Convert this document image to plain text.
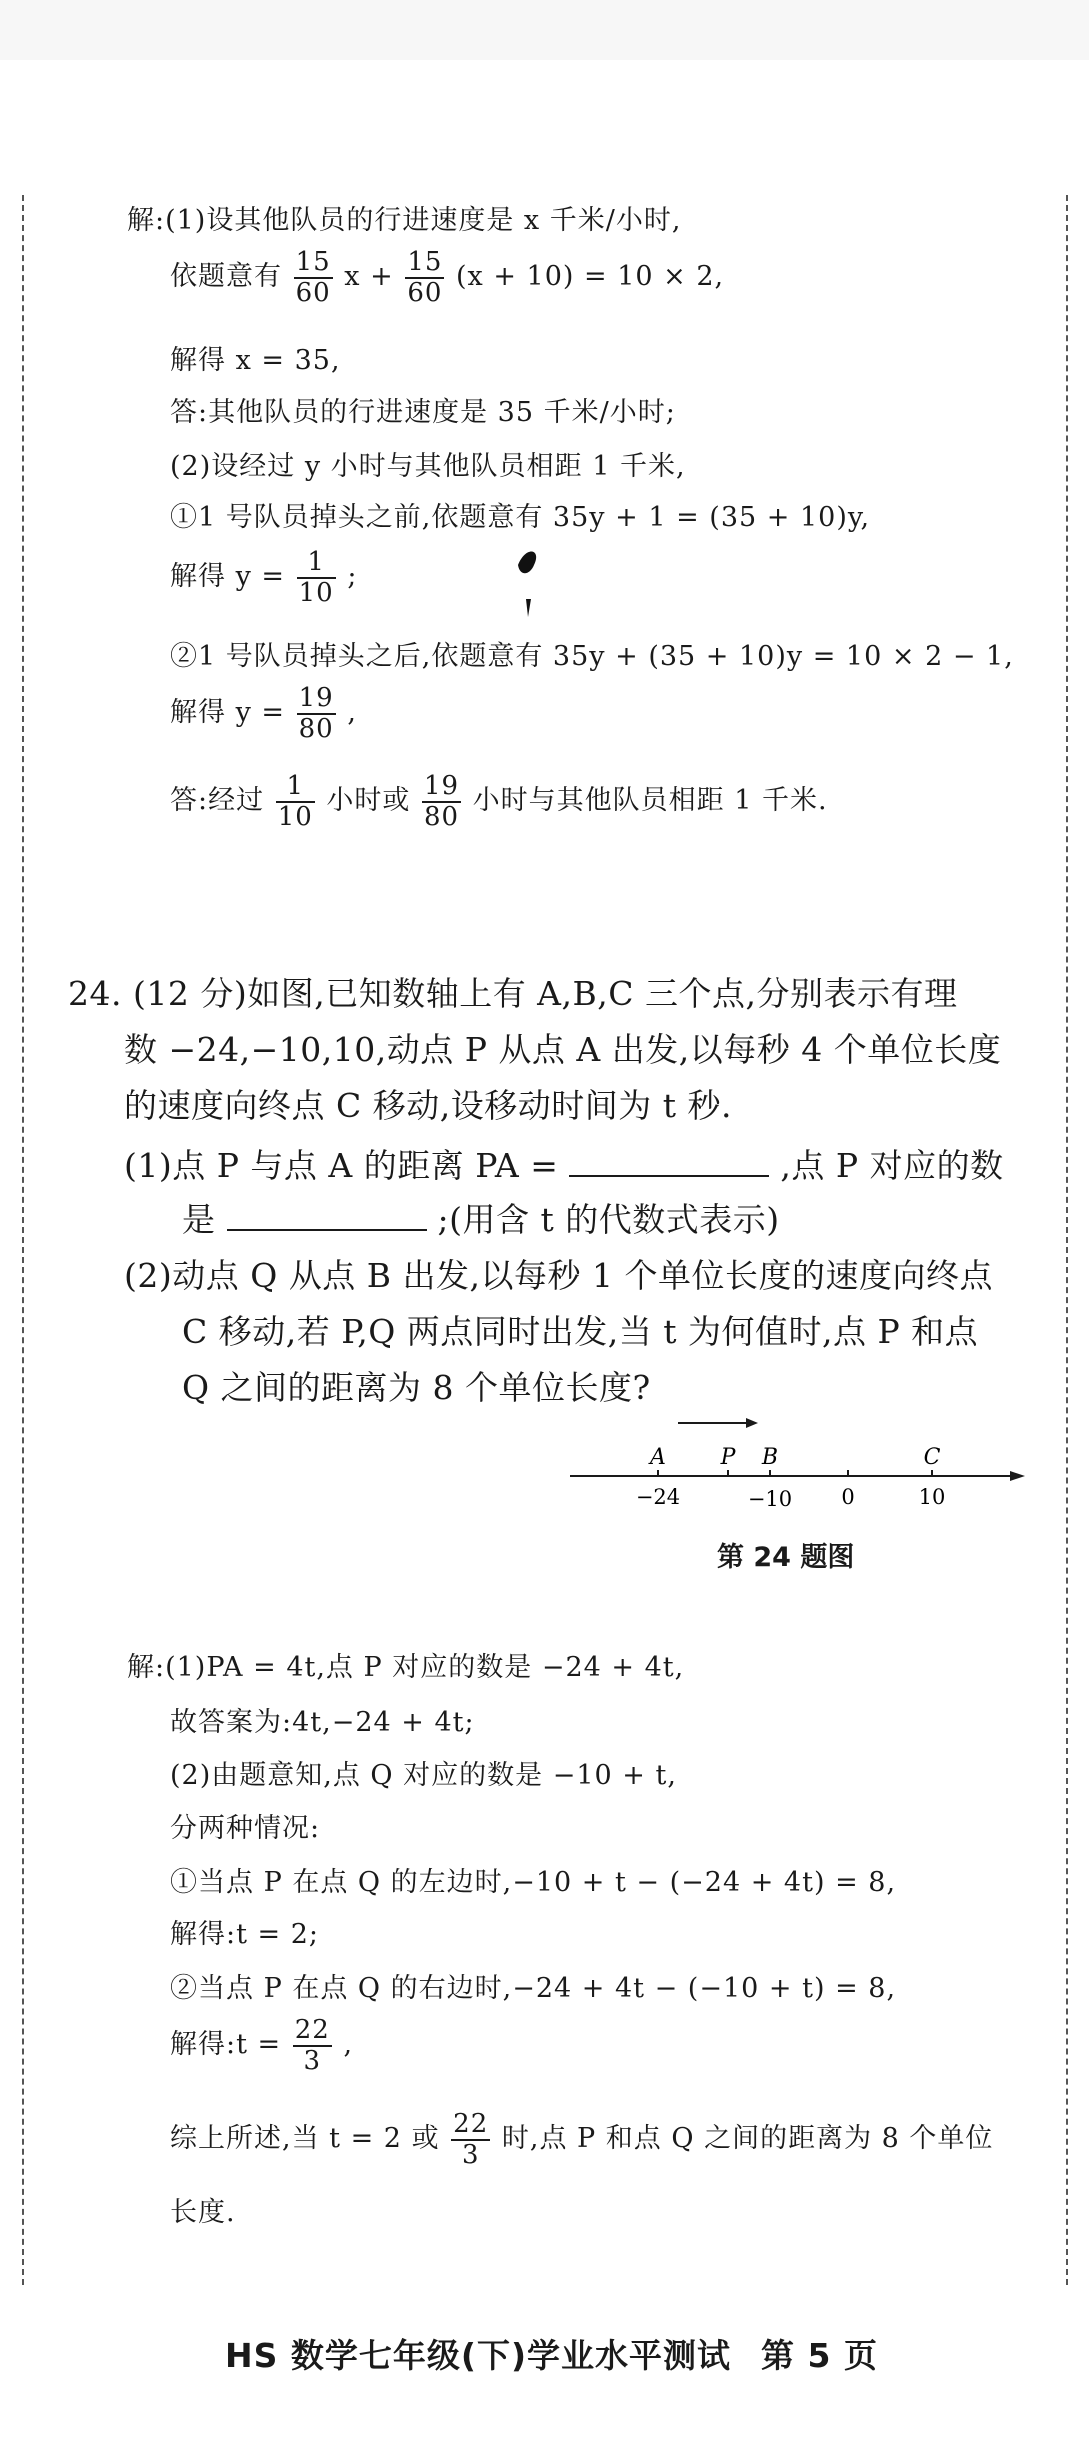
解:(1)设其他队员的行进速度是 x 千米/小时,
依题意有 $\frac{15}{60}$ $x + \frac{15}{60} (x + 10) = 10 \times 2$,
解得 x = 35,
答:其他队员的行进速度是 35 千米/小时;
(2)设经过 y 小时与其他队员相距 1 千米,
①1 号队员掉头之前,依题意有 35y + 1 = (35 + 10)y,
解得 $y = \frac{1}{10}$ ;
②1 号队员掉头之后,依题意有 35y + (35 + 10)y = 10 × 2 − 1,
解得 $y = \frac{19}{80}$ ,
答:经过 $\frac{1}{10}$ 小时或 $\frac{19}{80}$ 小时与其他队员相距 1 千米.
24. (12 分)如图,已知数轴上有 A,B,C 三个点,分别表示有理
数 −24,−10,10,动点 P 从点 A 出发,以每秒 4 个单位长度
的速度向终点 C 移动,设移动时间为 t 秒.
(1)点 P 与点 A 的距离 PA =	,点 P 对应的数
是	;(用含 t 的代数式表示)
(2)动点 Q 从点 B 出发,以每秒 1 个单位长度的速度向终点
C 移动,若 P,Q 两点同时出发,当 t 为何值时,点 P 和点
Q 之间的距离为 8 个单位长度?
A P B	C
−24	−10 0	10
第 24 题图
解:(1)PA = 4t,点 P 对应的数是 −24 + 4t,
故答案为:4t,−24 + 4t;
(2)由题意知,点 Q 对应的数是 −10 + t,
分两种情况:
①当点 P 在点 Q 的左边时,−10 + t − (−24 + 4t) = 8,
解得:t = 2;
②当点 P 在点 Q 的右边时,−24 + 4t − (−10 + t) = 8,
解得:t = $\frac{22}{3}$ ,
综上所述,当 t = 2 或 $\frac{22}{3}$ 时,点 P 和点 Q 之间的距离为 8 个单位
长度.
HS 数学七年级(下)学业水平测试 第 5 页
